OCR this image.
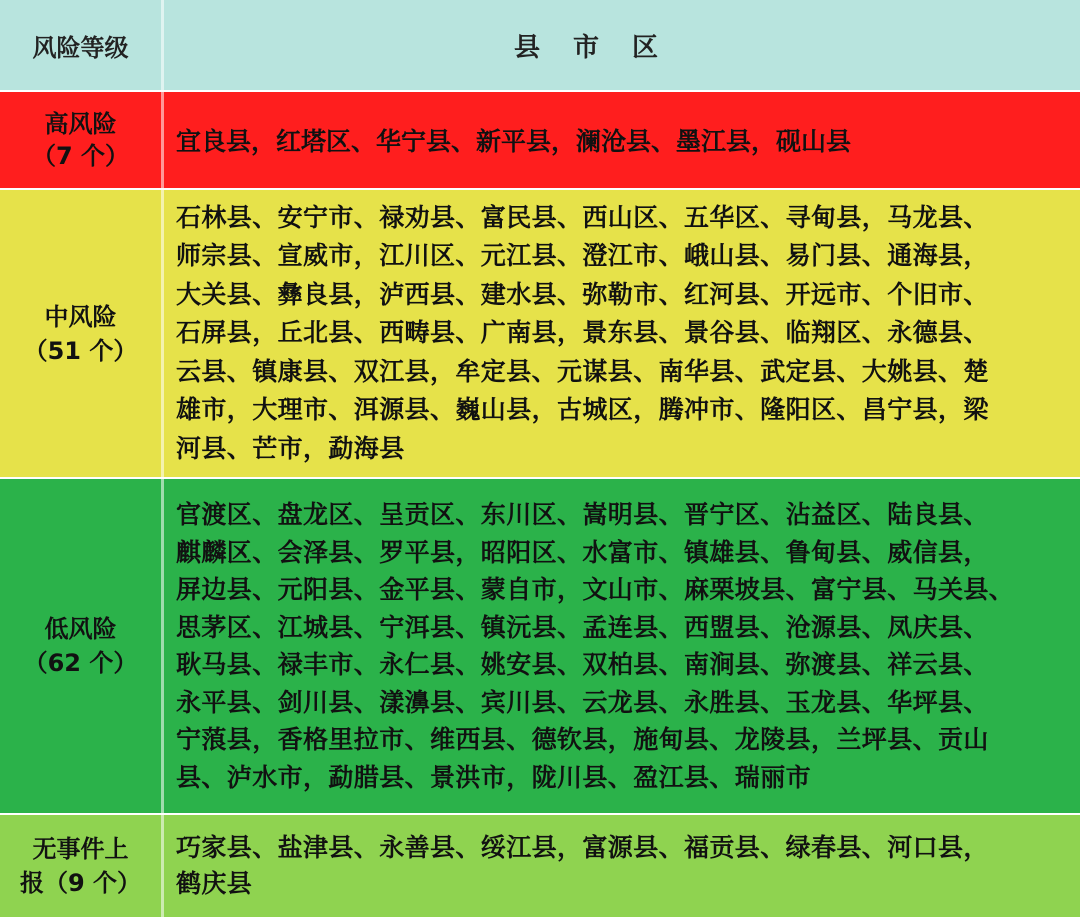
风险等级	县 市 区
高风险
（7 个） 宜良县，红塔区、华宁县、新平县，澜沧县、墨江县，砚山县
中风险
（51 个）
石林县、安宁市、禄劝县、富民县、西山区、五华区、寻甸县，马龙县、
师宗县、宣威市，江川区、元江县、澄江市、峨山县、易门县、通海县，
大关县、彝良县，泸西县、建水县、弥勒市、红河县、开远市、个旧市、
石屏县，丘北县、西畴县、广南县，景东县、景谷县、临翔区、永德县、
云县、镇康县、双江县，牟定县、元谋县、南华县、武定县、大姚县、楚
雄市，大理市、洱源县、巍山县，古城区，腾冲市、隆阳区、昌宁县，梁
河县、芒市，勐海县
低风险
（62 个）
官渡区、盘龙区、呈贡区、东川区、嵩明县、晋宁区、沾益区、陆良县、
麒麟区、会泽县、罗平县，昭阳区、水富市、镇雄县、鲁甸县、威信县，
屏边县、元阳县、金平县、蒙自市，文山市、麻栗坡县、富宁县、马关县、
思茅区、江城县、宁洱县、镇沅县、孟连县、西盟县、沧源县、凤庆县、
耿马县、禄丰市、永仁县、姚安县、双柏县、南涧县、弥渡县、祥云县、
永平县、剑川县、漾濞县、宾川县、云龙县、永胜县、玉龙县、华坪县、
宁蒗县，香格里拉市、维西县、德钦县，施甸县、龙陵县，兰坪县、贡山
县、泸水市，勐腊县、景洪市，陇川县、盈江县、瑞丽市
无事件上
报（9 个）
巧家县、盐津县、永善县、绥江县，富源县、福贡县、绿春县、河口县，
鹤庆县
